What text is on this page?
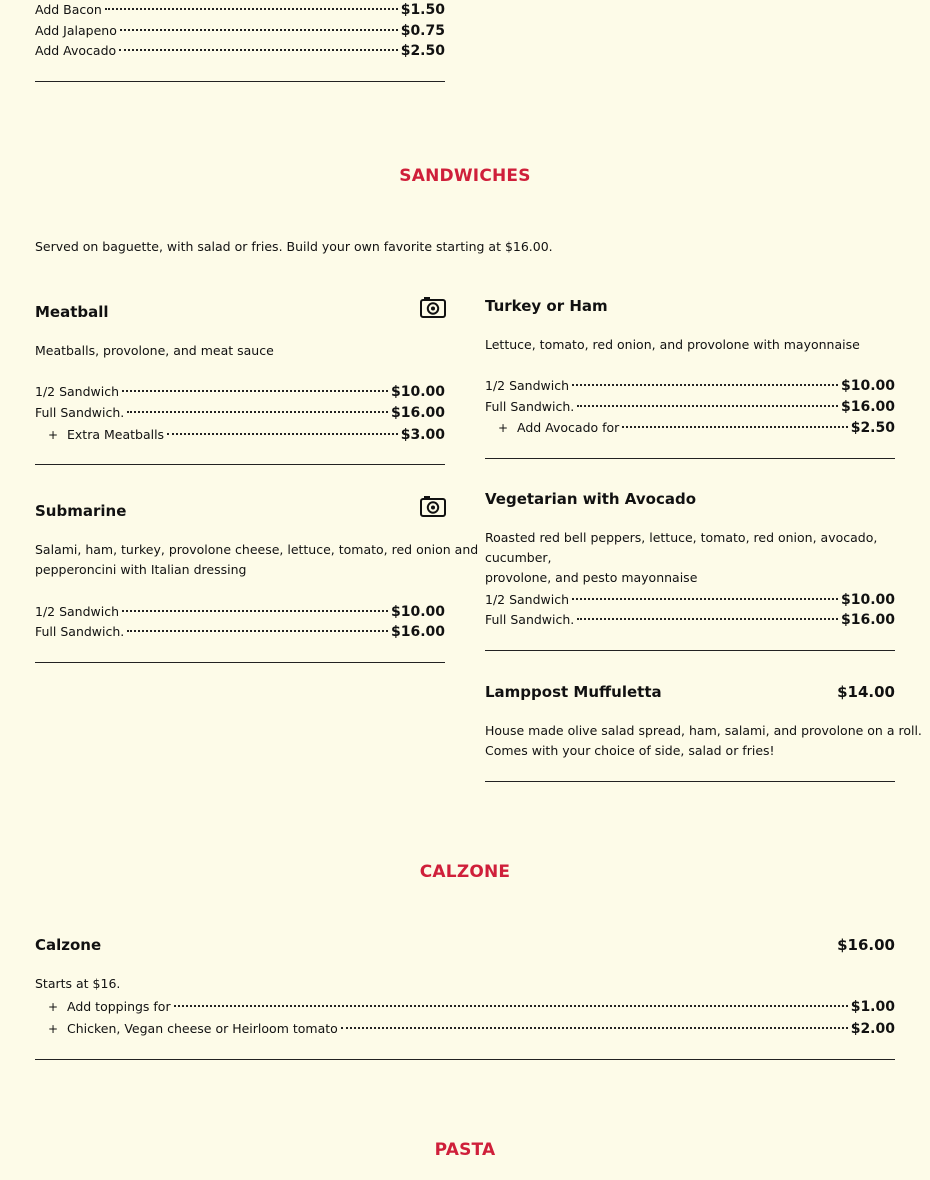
Add Bacon	$1.50
Add Jalapeno	$0.75
Add Avocado	$2.50
SANDWICHES
Served on baguette, with salad or fries. Build your own favorite starting at $16.00.
Meatball
Meatballs, provolone, and meat sauce
1/2 Sandwich	$10.00
Full Sandwich.	$16.00
+ Extra Meatballs	$3.00
Turkey or Ham
Lettuce, tomato, red onion, and provolone with mayonnaise
1/2 Sandwich	$10.00
Full Sandwich.	$16.00
+ Add Avocado for	$2.50
Submarine
Salami, ham, turkey, provolone cheese, lettuce, tomato, red onion and
pepperoncini with Italian dressing
1/2 Sandwich	$10.00
Full Sandwich.	$16.00
Vegetarian with Avocado
Roasted red bell peppers, lettuce, tomato, red onion, avocado, cucumber,
provolone, and pesto mayonnaise
1/2 Sandwich	$10.00
Full Sandwich.	$16.00
Lamppost Muffuletta	$14.00
House made olive salad spread, ham, salami, and provolone on a roll.
Comes with your choice of side, salad or fries!
CALZONE
Calzone	$16.00
Starts at $16.
+ Add toppings for	$1.00
+ Chicken, Vegan cheese or Heirloom tomato	$2.00
PASTA
